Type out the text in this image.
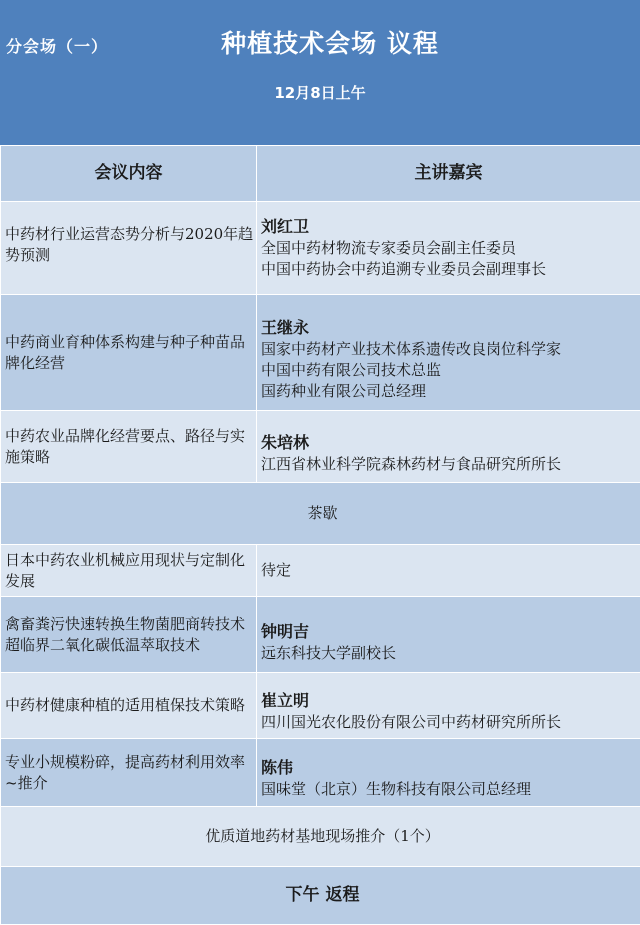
分会场（一）	种植技术会场 议程
12月8日上午
会议内容	主讲嘉宾
中药材行业运营态势分析与2020年趋势预测	刘红卫
全国中药材物流专家委员会副主任委员
中国中药协会中药追溯专业委员会副理事长

中药商业育种体系构建与种子种苗品牌化经营	王继永
国家中药材产业技术体系遗传改良岗位科学家
中国中药有限公司技术总监
国药种业有限公司总经理

中药农业品牌化经营要点、路径与实施策略	朱培林
江西省林业科学院森林药材与食品研究所所长

茶歇	
日本中药农业机械应用现状与定制化发展	待定
禽畜粪污快速转换生物菌肥商转技术 超临界二氧化碳低温萃取技术	钟明吉
远东科技大学副校长

中药材健康种植的适用植保技术策略	崔立明
四川国光农化股份有限公司中药材研究所所长

专业小规模粉碎，提高药材利用效率~推介	陈伟
国味堂（北京）生物科技有限公司总经理

优质道地药材基地现场推介（1个）	
下午 返程	
